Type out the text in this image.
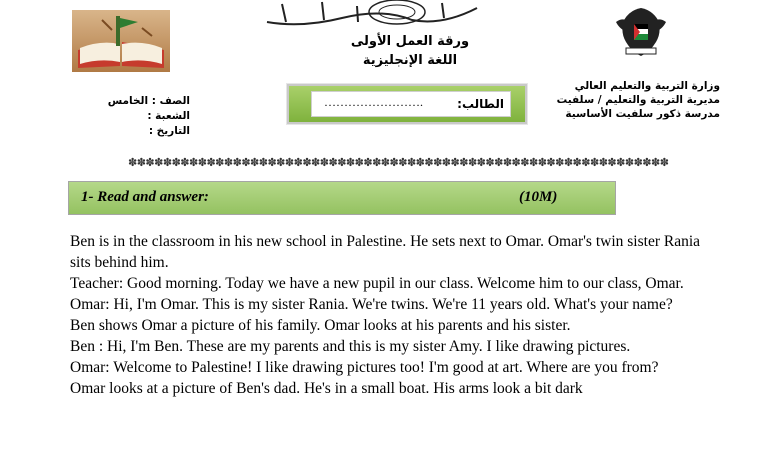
ورقة العمل الأولى
اللغة الإنجليزية
الطالب:
…………………….
وزارة التربية والتعليم العالي
مديرية التربية والتعليم / سلفيت
مدرسة ذكور سلفيت الأساسية
الصف : الخامس
الشعبة :
التاريخ :
✽✽✽✽✽✽✽✽✽✽✽✽✽✽✽✽✽✽✽✽✽✽✽✽✽✽✽✽✽✽✽✽✽✽✽✽✽✽✽✽✽✽✽✽✽✽✽✽✽✽✽✽✽✽✽✽✽✽✽✽✽✽
1- Read and answer:	(10M)

Ben is in the classroom in his new school in Palestine. He sets next to Omar. Omar's twin sister Rania sits behind him.

Teacher: Good morning. Today we have a new pupil in our class. Welcome him to our class, Omar.

Omar: Hi, I'm Omar. This is my sister Rania. We're twins. We're 11 years old. What's your name?

Ben shows Omar a picture of his family. Omar looks at his parents and his sister.

Ben : Hi, I'm Ben. These are my parents and this is my sister Amy. I like drawing pictures.

Omar: Welcome to Palestine! I like drawing pictures too! I'm good at art. Where are you from?

Omar looks at a picture of Ben's dad. He's in a small boat. His arms look a bit dark
